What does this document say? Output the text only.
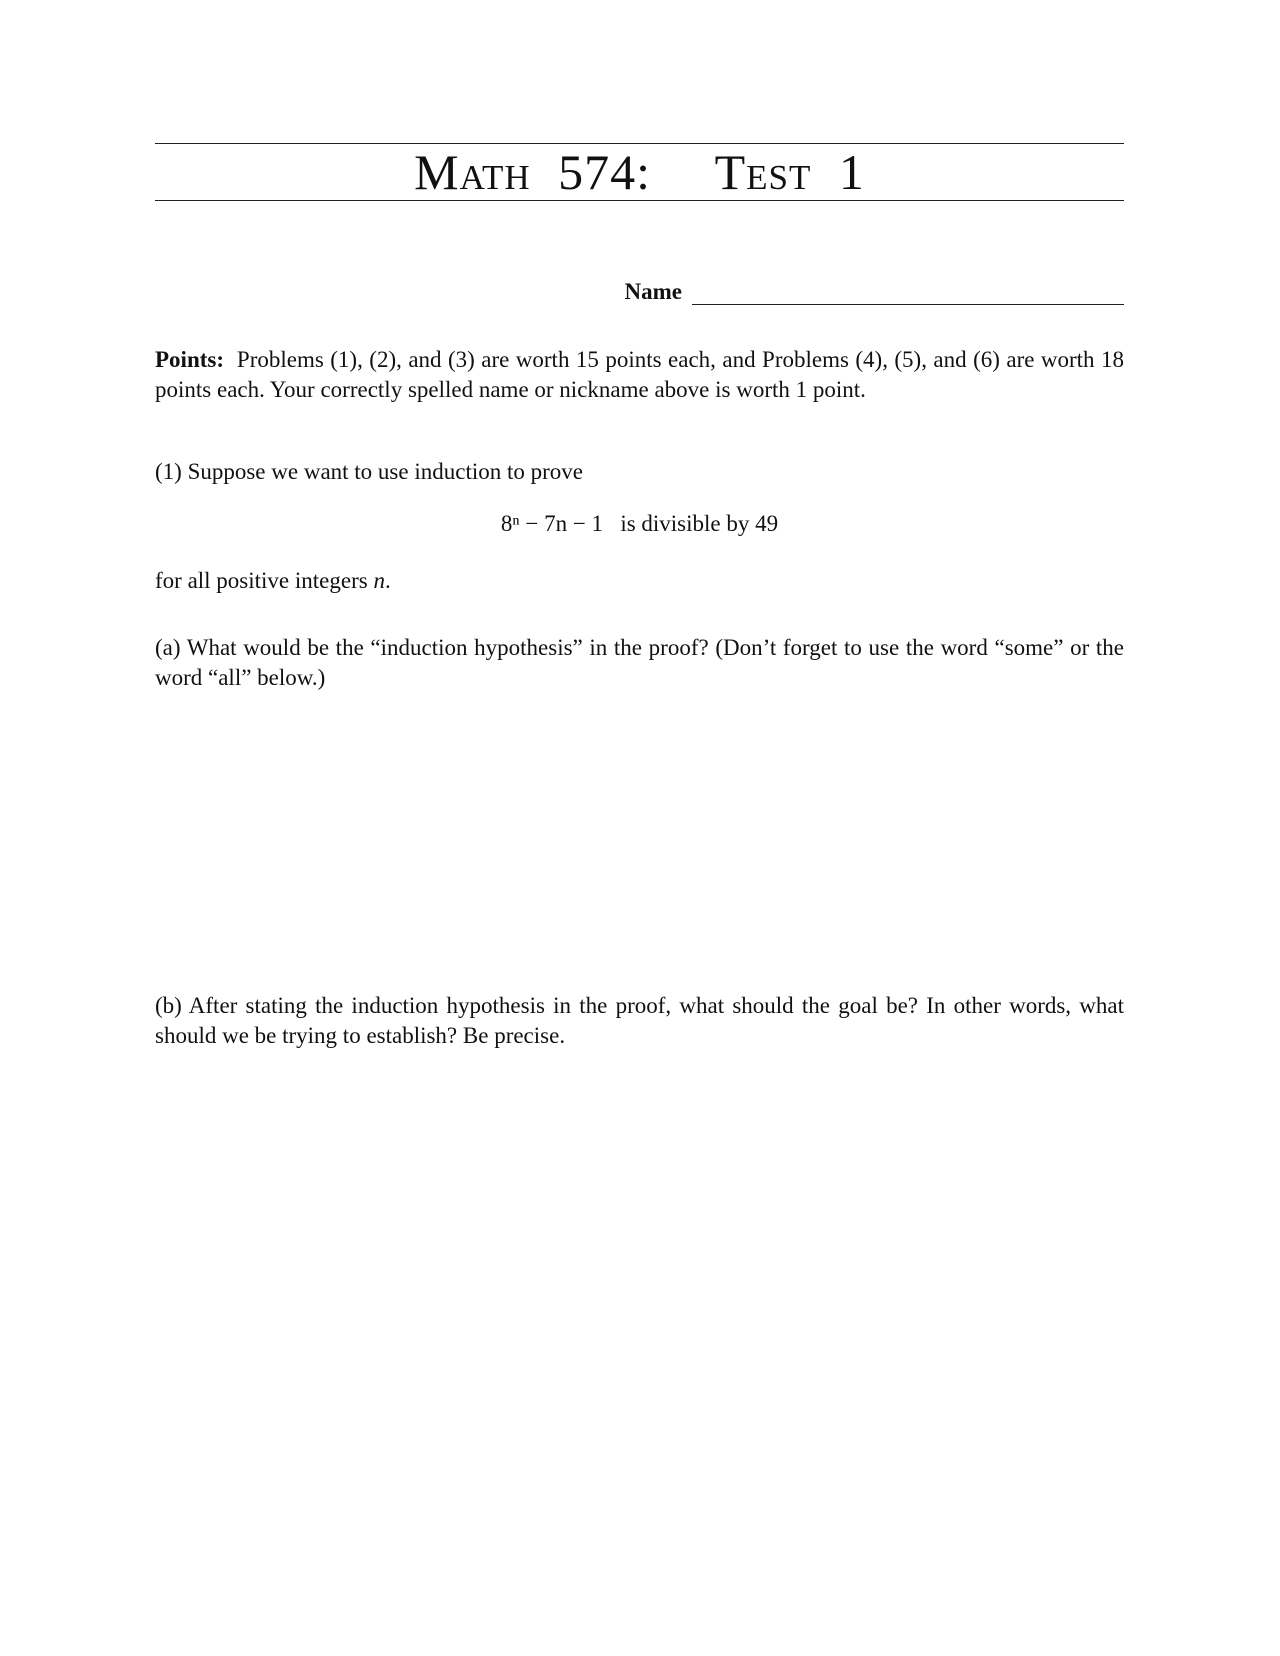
Math 574: Test 1
Name
Points: Problems (1), (2), and (3) are worth 15 points each, and Problems (4), (5), and (6) are worth 18 points each. Your correctly spelled name or nickname above is worth 1 point.
(1) Suppose we want to use induction to prove
8ⁿ − 7n − 1 is divisible by 49
for all positive integers n.
(a) What would be the “induction hypothesis” in the proof? (Don’t forget to use the word “some” or the word “all” below.)
(b) After stating the induction hypothesis in the proof, what should the goal be? In other words, what should we be trying to establish? Be precise.
